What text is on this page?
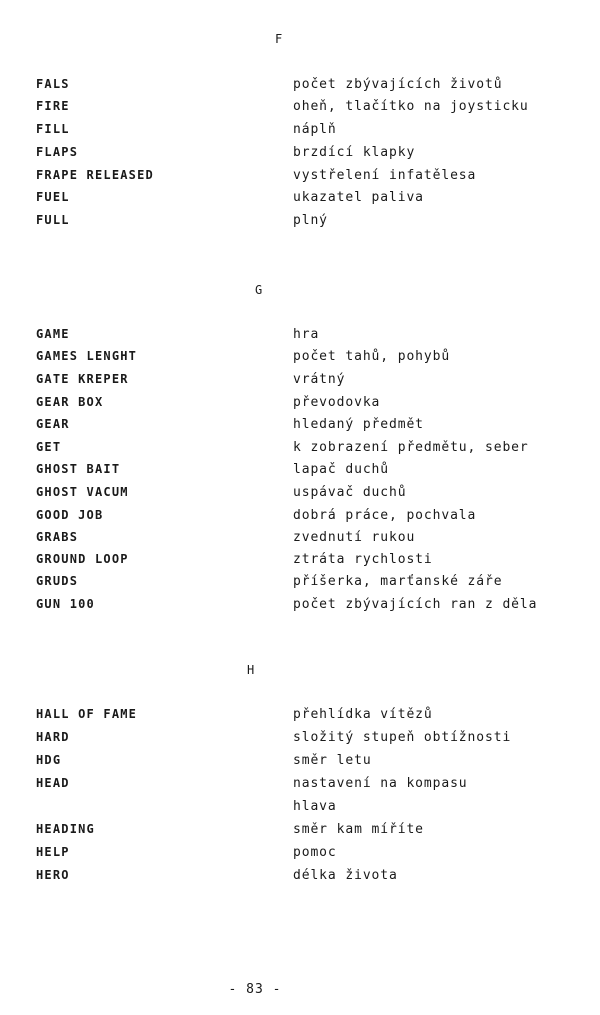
F
FALS	počet zbývajících životů
FIRE	oheň, tlačítko na joysticku
FILL	náplň
FLAPS	brzdící klapky
FRAPE RELEASED	vystřelení infatělesa
FUEL	ukazatel paliva
FULL	plný
G
GAME	hra
GAMES LENGHT	počet tahů, pohybů
GATE KREPER	vrátný
GEAR BOX	převodovka
GEAR	hledaný předmět
GET	k zobrazení předmětu, seber
GHOST BAIT	lapač duchů
GHOST VACUM	uspávač duchů
GOOD JOB	dobrá práce, pochvala
GRABS	zvednutí rukou
GROUND LOOP	ztráta rychlosti
GRUDS	příšerka, marťanské záře
GUN 100	počet zbývajících ran z děla
H
HALL OF FAME	přehlídka vítězů
HARD	složitý stupeň obtížnosti
HDG	směr letu
HEAD	nastavení na kompasu
hlava
HEADING	směr kam míříte
HELP	pomoc
HERO	délka života
- 83 -
